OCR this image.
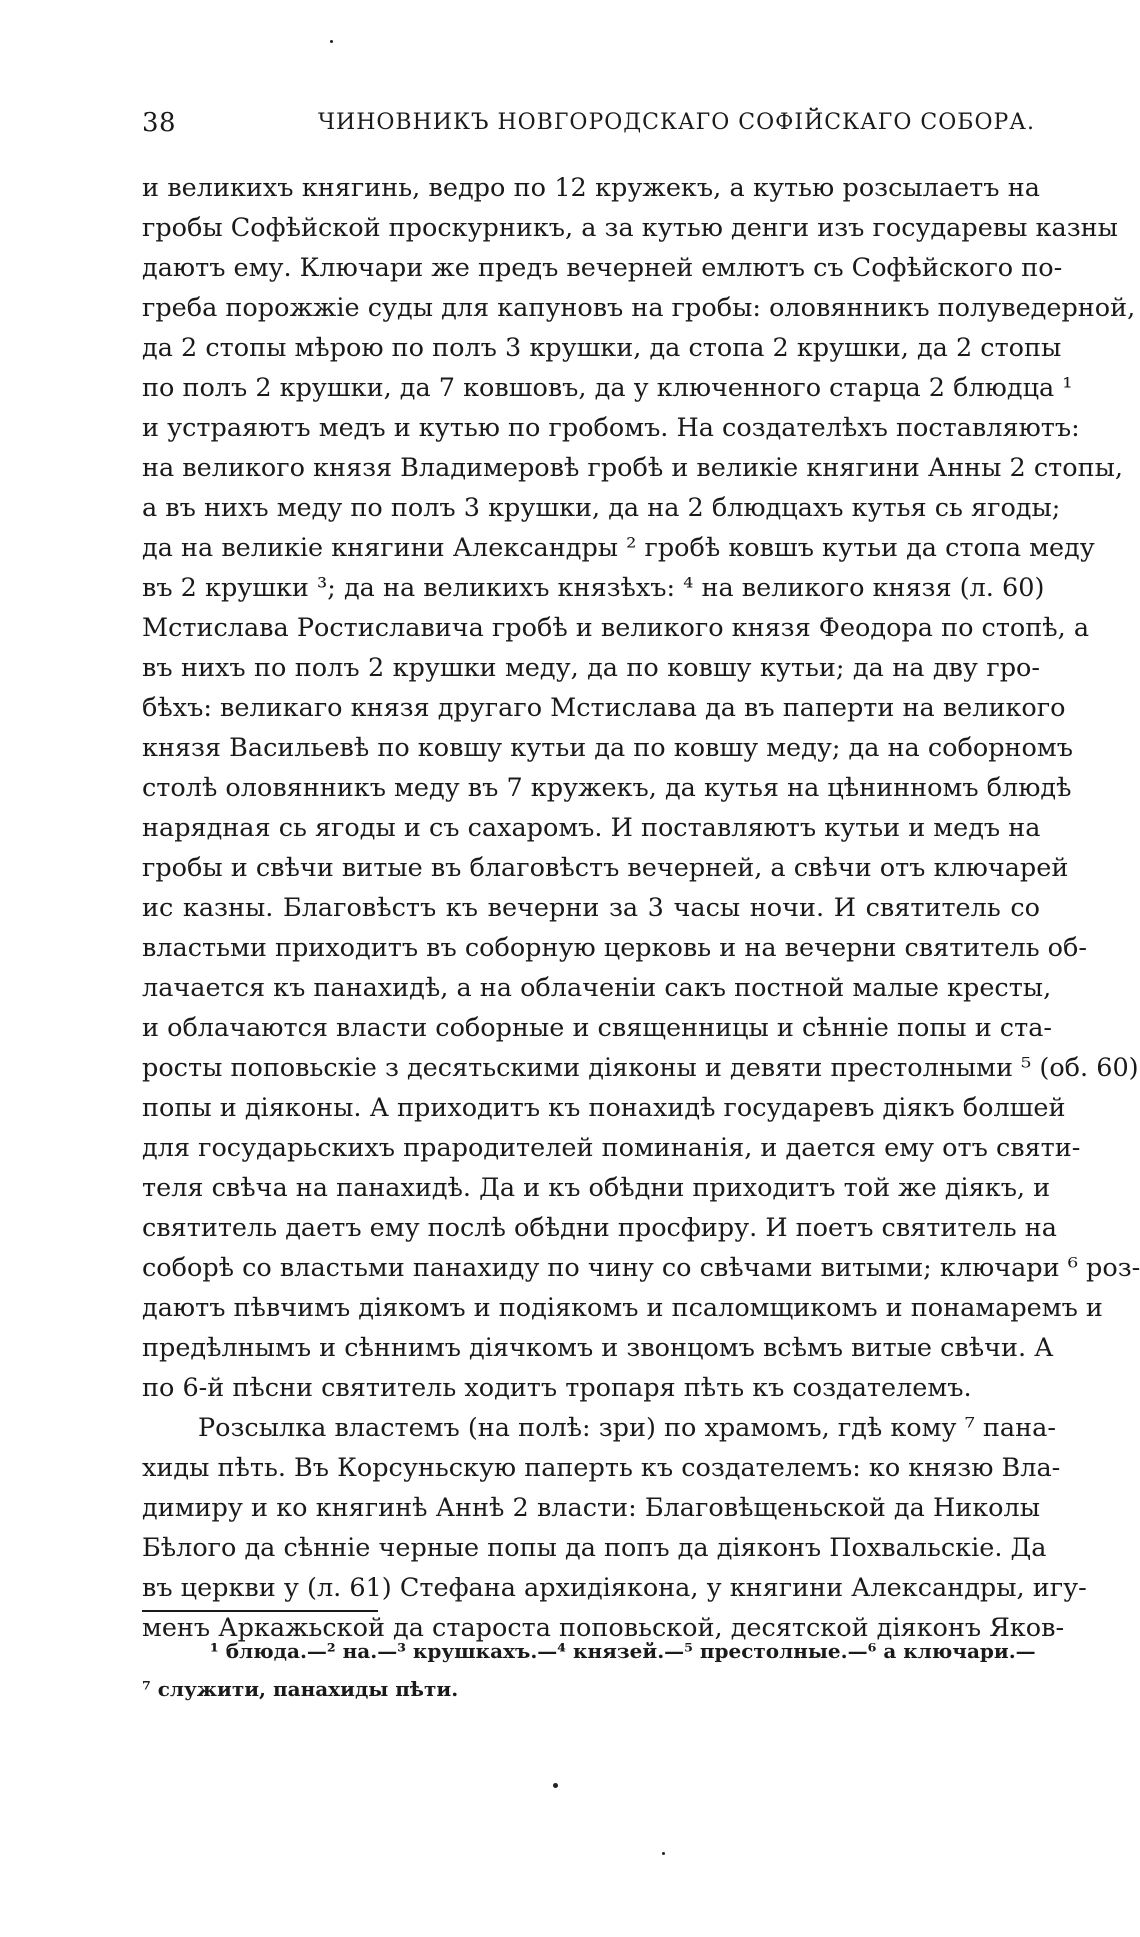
38	ЧИНОВНИКЪ НОВГОРОДСКАГО СОФІЙСКАГО СОБОРА.
и великихъ княгинь, ведро по 12 кружекъ, а кутью розсылаетъ на
гробы Софѣйской проскурникъ, а за кутью денги изъ государевы казны
даютъ ему. Ключари же предъ вечерней емлютъ съ Софѣйского по-
греба порожжіе суды для капуновъ на гробы: оловянникъ полуведерной,
да 2 стопы мѣрою по полъ 3 крушки, да стопа 2 крушки, да 2 стопы
по полъ 2 крушки, да 7 ковшовъ, да у ключенного старца 2 блюдца ¹
и устраяютъ медъ и кутью по гробомъ. На создателѣхъ поставляютъ:
на великого князя Владимеровѣ гробѣ и великіе княгини Анны 2 стопы,
а въ нихъ меду по полъ 3 крушки, да на 2 блюдцахъ кутья сь ягоды;
да на великіе княгини Александры ² гробѣ ковшъ кутьи да стопа меду
въ 2 крушки ³; да на великихъ князѣхъ: ⁴ на великого князя (л. 60)
Мстислава Ростиславича гробѣ и великого князя Феодора по стопѣ, а
въ нихъ по полъ 2 крушки меду, да по ковшу кутьи; да на дву гро-
бѣхъ: великаго князя другаго Мстислава да въ паперти на великого
князя Васильевѣ по ковшу кутьи да по ковшу меду; да на соборномъ
столѣ оловянникъ меду въ 7 кружекъ, да кутья на цѣнинномъ блюдѣ
нарядная сь ягоды и съ сахаромъ. И поставляютъ кутьи и медъ на
гробы и свѣчи витые въ благовѣстъ вечерней, а свѣчи отъ ключарей
ис казны. Благовѣстъ къ вечерни за 3 часы ночи. И святитель со
властьми приходитъ въ соборную церковь и на вечерни святитель об-
лачается къ панахидѣ, а на облаченіи сакъ постной малые кресты,
и облачаются власти соборные и священницы и сѣнніе попы и ста-
росты поповьскіе з десятьскими діяконы и девяти престолными ⁵ (об. 60)
попы и діяконы. А приходитъ къ понахидѣ государевъ діякъ болшей
для государьскихъ прародителей поминанія, и дается ему отъ святи-
теля свѣча на панахидѣ. Да и къ обѣдни приходитъ той же діякъ, и
святитель даетъ ему послѣ обѣдни просфиру. И поетъ святитель на
соборѣ со властьми панахиду по чину со свѣчами витыми; ключари ⁶ роз-
даютъ пѣвчимъ діякомъ и подіякомъ и псаломщикомъ и понамаремъ и
предѣлнымъ и сѣннимъ діячкомъ и звонцомъ всѣмъ витые свѣчи. А
по 6-й пѣсни святитель ходитъ тропаря пѣть къ создателемъ.
Розсылка властемъ (на полѣ: зри) по храмомъ, гдѣ кому ⁷ пана-
хиды пѣть. Въ Корсуньскую паперть къ создателемъ: ко князю Вла-
димиру и ко княгинѣ Аннѣ 2 власти: Благовѣщеньской да Николы
Бѣлого да сѣнніе черные попы да попъ да діяконъ Похвальскіе. Да
въ церкви у (л. 61) Стефана архидіякона, у княгини Александры, игу-
менъ Аркажьской да староста поповьской, десятской діяконъ Яков-
¹ блюда.—² на.—³ крушкахъ.—⁴ князей.—⁵ престолные.—⁶ а ключари.—
⁷ служити, панахиды пѣти.
